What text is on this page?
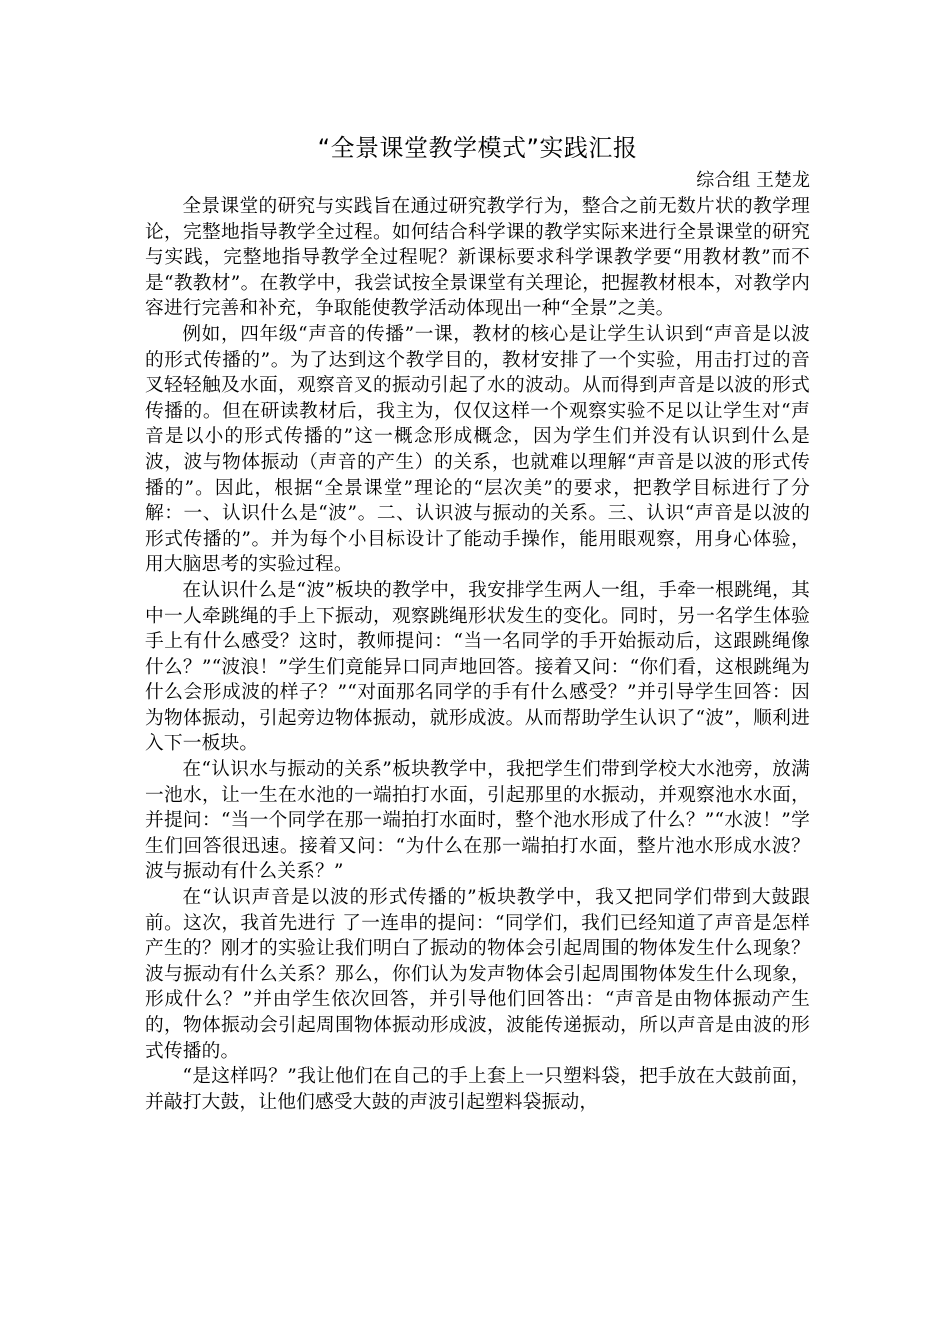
“全景课堂教学模式”实践汇报

综合组 王楚龙

全景课堂的研究与实践旨在通过研究教学行为，整合之前无数片状的教学理论，完整地指导教学全过程。如何结合科学课的教学实际来进行全景课堂的研究与实践，完整地指导教学全过程呢？新课标要求科学课教学要“用教材教”而不是“教教材”。在教学中，我尝试按全景课堂有关理论，把握教材根本，对教学内容进行完善和补充，争取能使教学活动体现出一种“全景”之美。

例如，四年级“声音的传播”一课，教材的核心是让学生认识到“声音是以波的形式传播的”。为了达到这个教学目的，教材安排了一个实验，用击打过的音叉轻轻触及水面，观察音叉的振动引起了水的波动。从而得到声音是以波的形式传播的。但在研读教材后，我主为，仅仅这样一个观察实验不足以让学生对“声音是以小的形式传播的”这一概念形成概念，因为学生们并没有认识到什么是波，波与物体振动（声音的产生）的关系，也就难以理解“声音是以波的形式传播的”。因此，根据“全景课堂”理论的“层次美”的要求，把教学目标进行了分解：一、认识什么是“波”。二、认识波与振动的关系。三、认识“声音是以波的形式传播的”。并为每个小目标设计了能动手操作，能用眼观察，用身心体验，用大脑思考的实验过程。

在认识什么是“波”板块的教学中，我安排学生两人一组，手牵一根跳绳，其中一人牵跳绳的手上下振动，观察跳绳形状发生的变化。同时，另一名学生体验手上有什么感受？这时，教师提问：“当一名同学的手开始振动后，这跟跳绳像什么？”“波浪！”学生们竟能异口同声地回答。接着又问：“你们看，这根跳绳为什么会形成波的样子？”“对面那名同学的手有什么感受？”并引导学生回答：因为物体振动，引起旁边物体振动，就形成波。从而帮助学生认识了“波”，顺利进入下一板块。

在“认识水与振动的关系”板块教学中，我把学生们带到学校大水池旁，放满一池水，让一生在水池的一端拍打水面，引起那里的水振动，并观察池水水面，并提问：“当一个同学在那一端拍打水面时，整个池水形成了什么？”“水波！”学生们回答很迅速。接着又问：“为什么在那一端拍打水面，整片池水形成水波？波与振动有什么关系？”

在“认识声音是以波的形式传播的”板块教学中，我又把同学们带到大鼓跟前。这次，我首先进行 了一连串的提问：“同学们，我们已经知道了声音是怎样产生的？刚才的实验让我们明白了振动的物体会引起周围的物体发生什么现象？波与振动有什么关系？那么，你们认为发声物体会引起周围物体发生什么现象，形成什么？”并由学生依次回答，并引导他们回答出：“声音是由物体振动产生的，物体振动会引起周围物体振动形成波，波能传递振动，所以声音是由波的形式传播的。

“是这样吗？”我让他们在自己的手上套上一只塑料袋，把手放在大鼓前面，并敲打大鼓，让他们感受大鼓的声波引起塑料袋振动，
